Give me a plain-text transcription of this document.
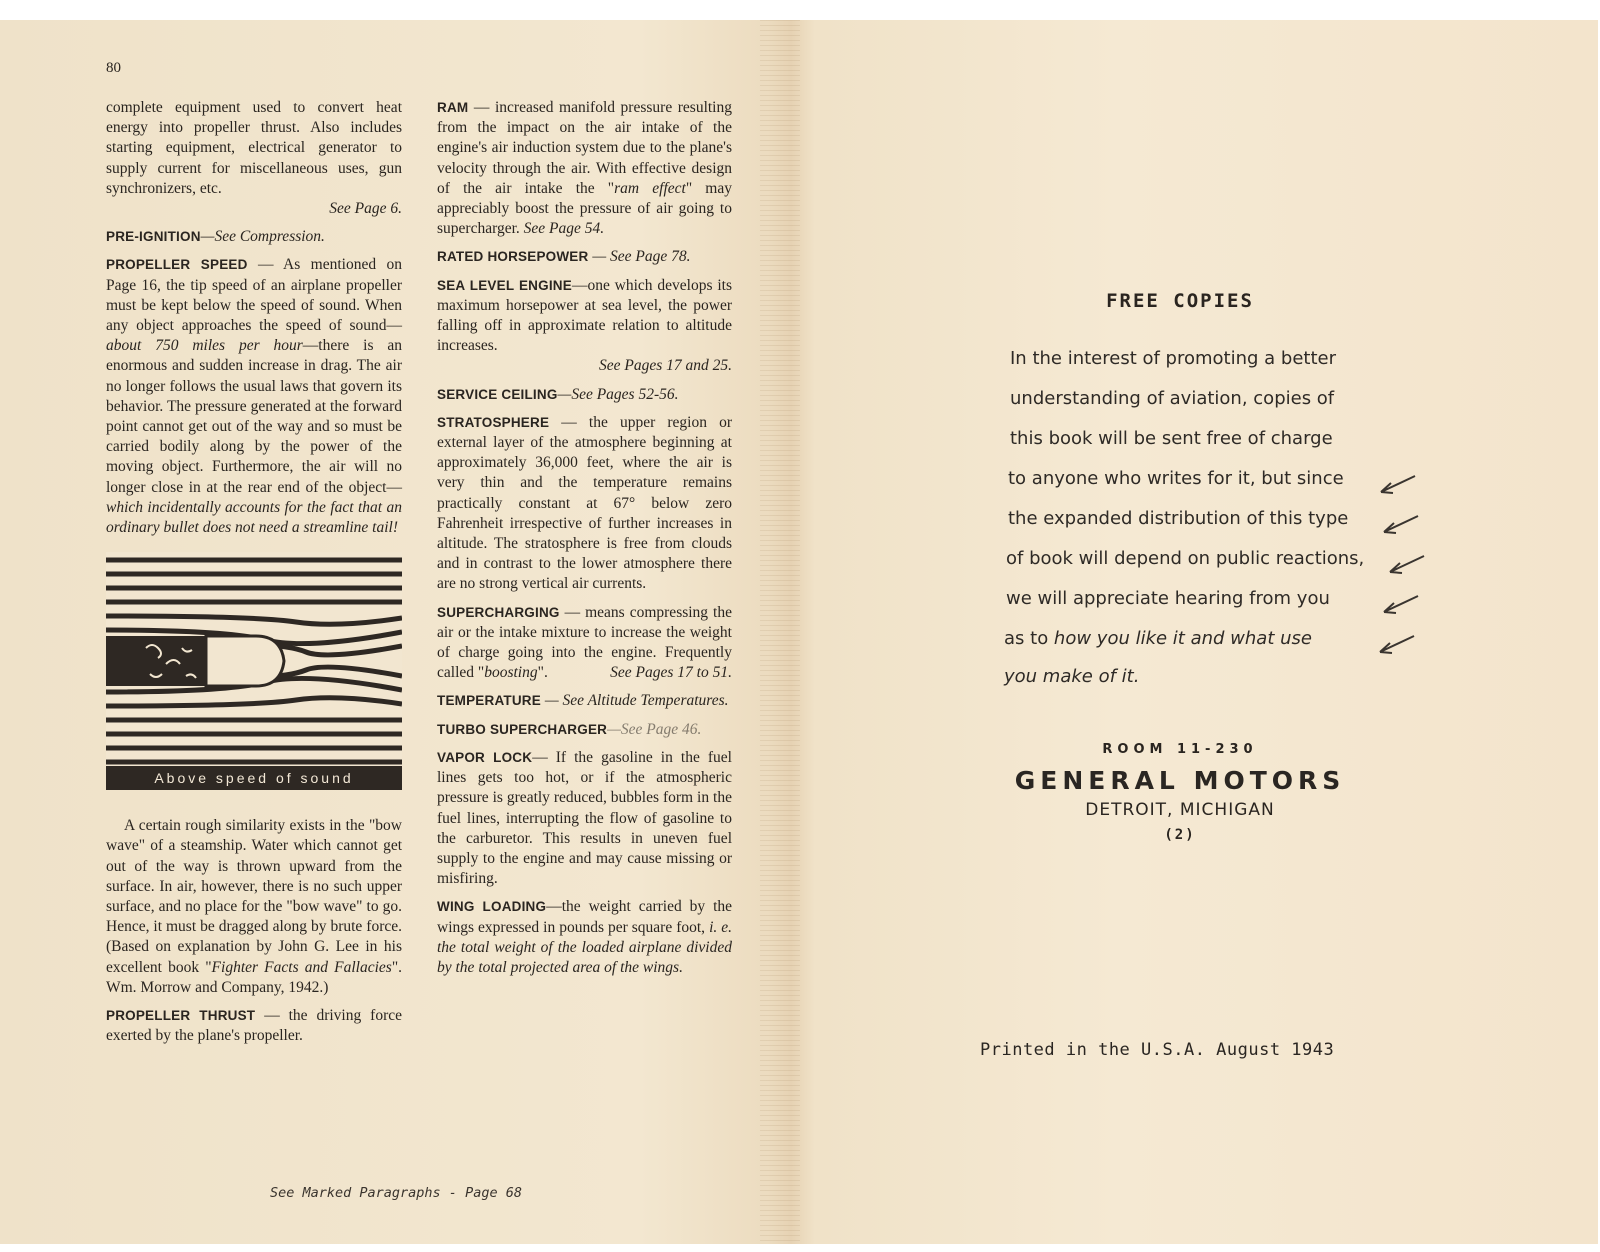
80

complete equipment used to convert heat energy into propeller thrust. Also includes starting equipment, electrical generator to supply current for miscellaneous uses, gun synchronizers, etc.
See Page 6.

PRE-IGNITION—See Compression.

PROPELLER SPEED — As mentioned on Page 16, the tip speed of an airplane propeller must be kept below the speed of sound. When any object approaches the speed of sound—about 750 miles per hour—there is an enormous and sudden increase in drag. The air no longer follows the usual laws that govern its behavior. The pressure generated at the forward point cannot get out of the way and so must be carried bodily along by the power of the moving object. Furthermore, the air will no longer close in at the rear end of the object—which incidentally accounts for the fact that an ordinary bullet does not need a streamline tail!

Above speed of sound

A certain rough similarity exists in the "bow wave" of a steamship. Water which cannot get out of the way is thrown upward from the surface. In air, however, there is no such upper surface, and no place for the "bow wave" to go. Hence, it must be dragged along by brute force. (Based on explanation by John G. Lee in his excellent book "Fighter Facts and Fallacies". Wm. Morrow and Company, 1942.)

PROPELLER THRUST — the driving force exerted by the plane's propeller.

RAM — increased manifold pressure resulting from the impact on the air intake of the engine's air induction system due to the plane's velocity through the air. With effective design of the air intake the "ram effect" may appreciably boost the pressure of air going to supercharger. See Page 54.

RATED HORSEPOWER — See Page 78.

SEA LEVEL ENGINE—one which develops its maximum horsepower at sea level, the power falling off in approximate relation to altitude increases.
See Pages 17 and 25.

SERVICE CEILING—See Pages 52-56.

STRATOSPHERE — the upper region or external layer of the atmosphere beginning at approximately 36,000 feet, where the air is very thin and the temperature remains practically constant at 67° below zero Fahrenheit irrespective of further increases in altitude. The stratosphere is free from clouds and in contrast to the lower atmosphere there are no strong vertical air currents.

SUPERCHARGING — means compressing the air or the intake mixture to increase the weight of charge going into the engine. Frequently called "boosting".	See Pages 17 to 51.

TEMPERATURE — See Altitude Temperatures.

TURBO SUPERCHARGER—See Page 46.

VAPOR LOCK— If the gasoline in the fuel lines gets too hot, or if the atmospheric pressure is greatly reduced, bubbles form in the fuel lines, interrupting the flow of gasoline to the carburetor. This results in uneven fuel supply to the engine and may cause missing or misfiring.

WING LOADING—the weight carried by the wings expressed in pounds per square foot, i. e. the total weight of the loaded airplane divided by the total projected area of the wings.

See Marked Paragraphs - Page 68
FREE COPIES
In the interest of promoting a better
understanding of aviation, copies of
this book will be sent free of charge
to anyone who writes for it, but since
the expanded distribution of this type
of book will depend on public reactions,
we will appreciate hearing from you
as to how you like it and what use
you make of it.
ROOM 11-230
GENERAL MOTORS
DETROIT, MICHIGAN
(2)
Printed in the U.S.A. August 1943
